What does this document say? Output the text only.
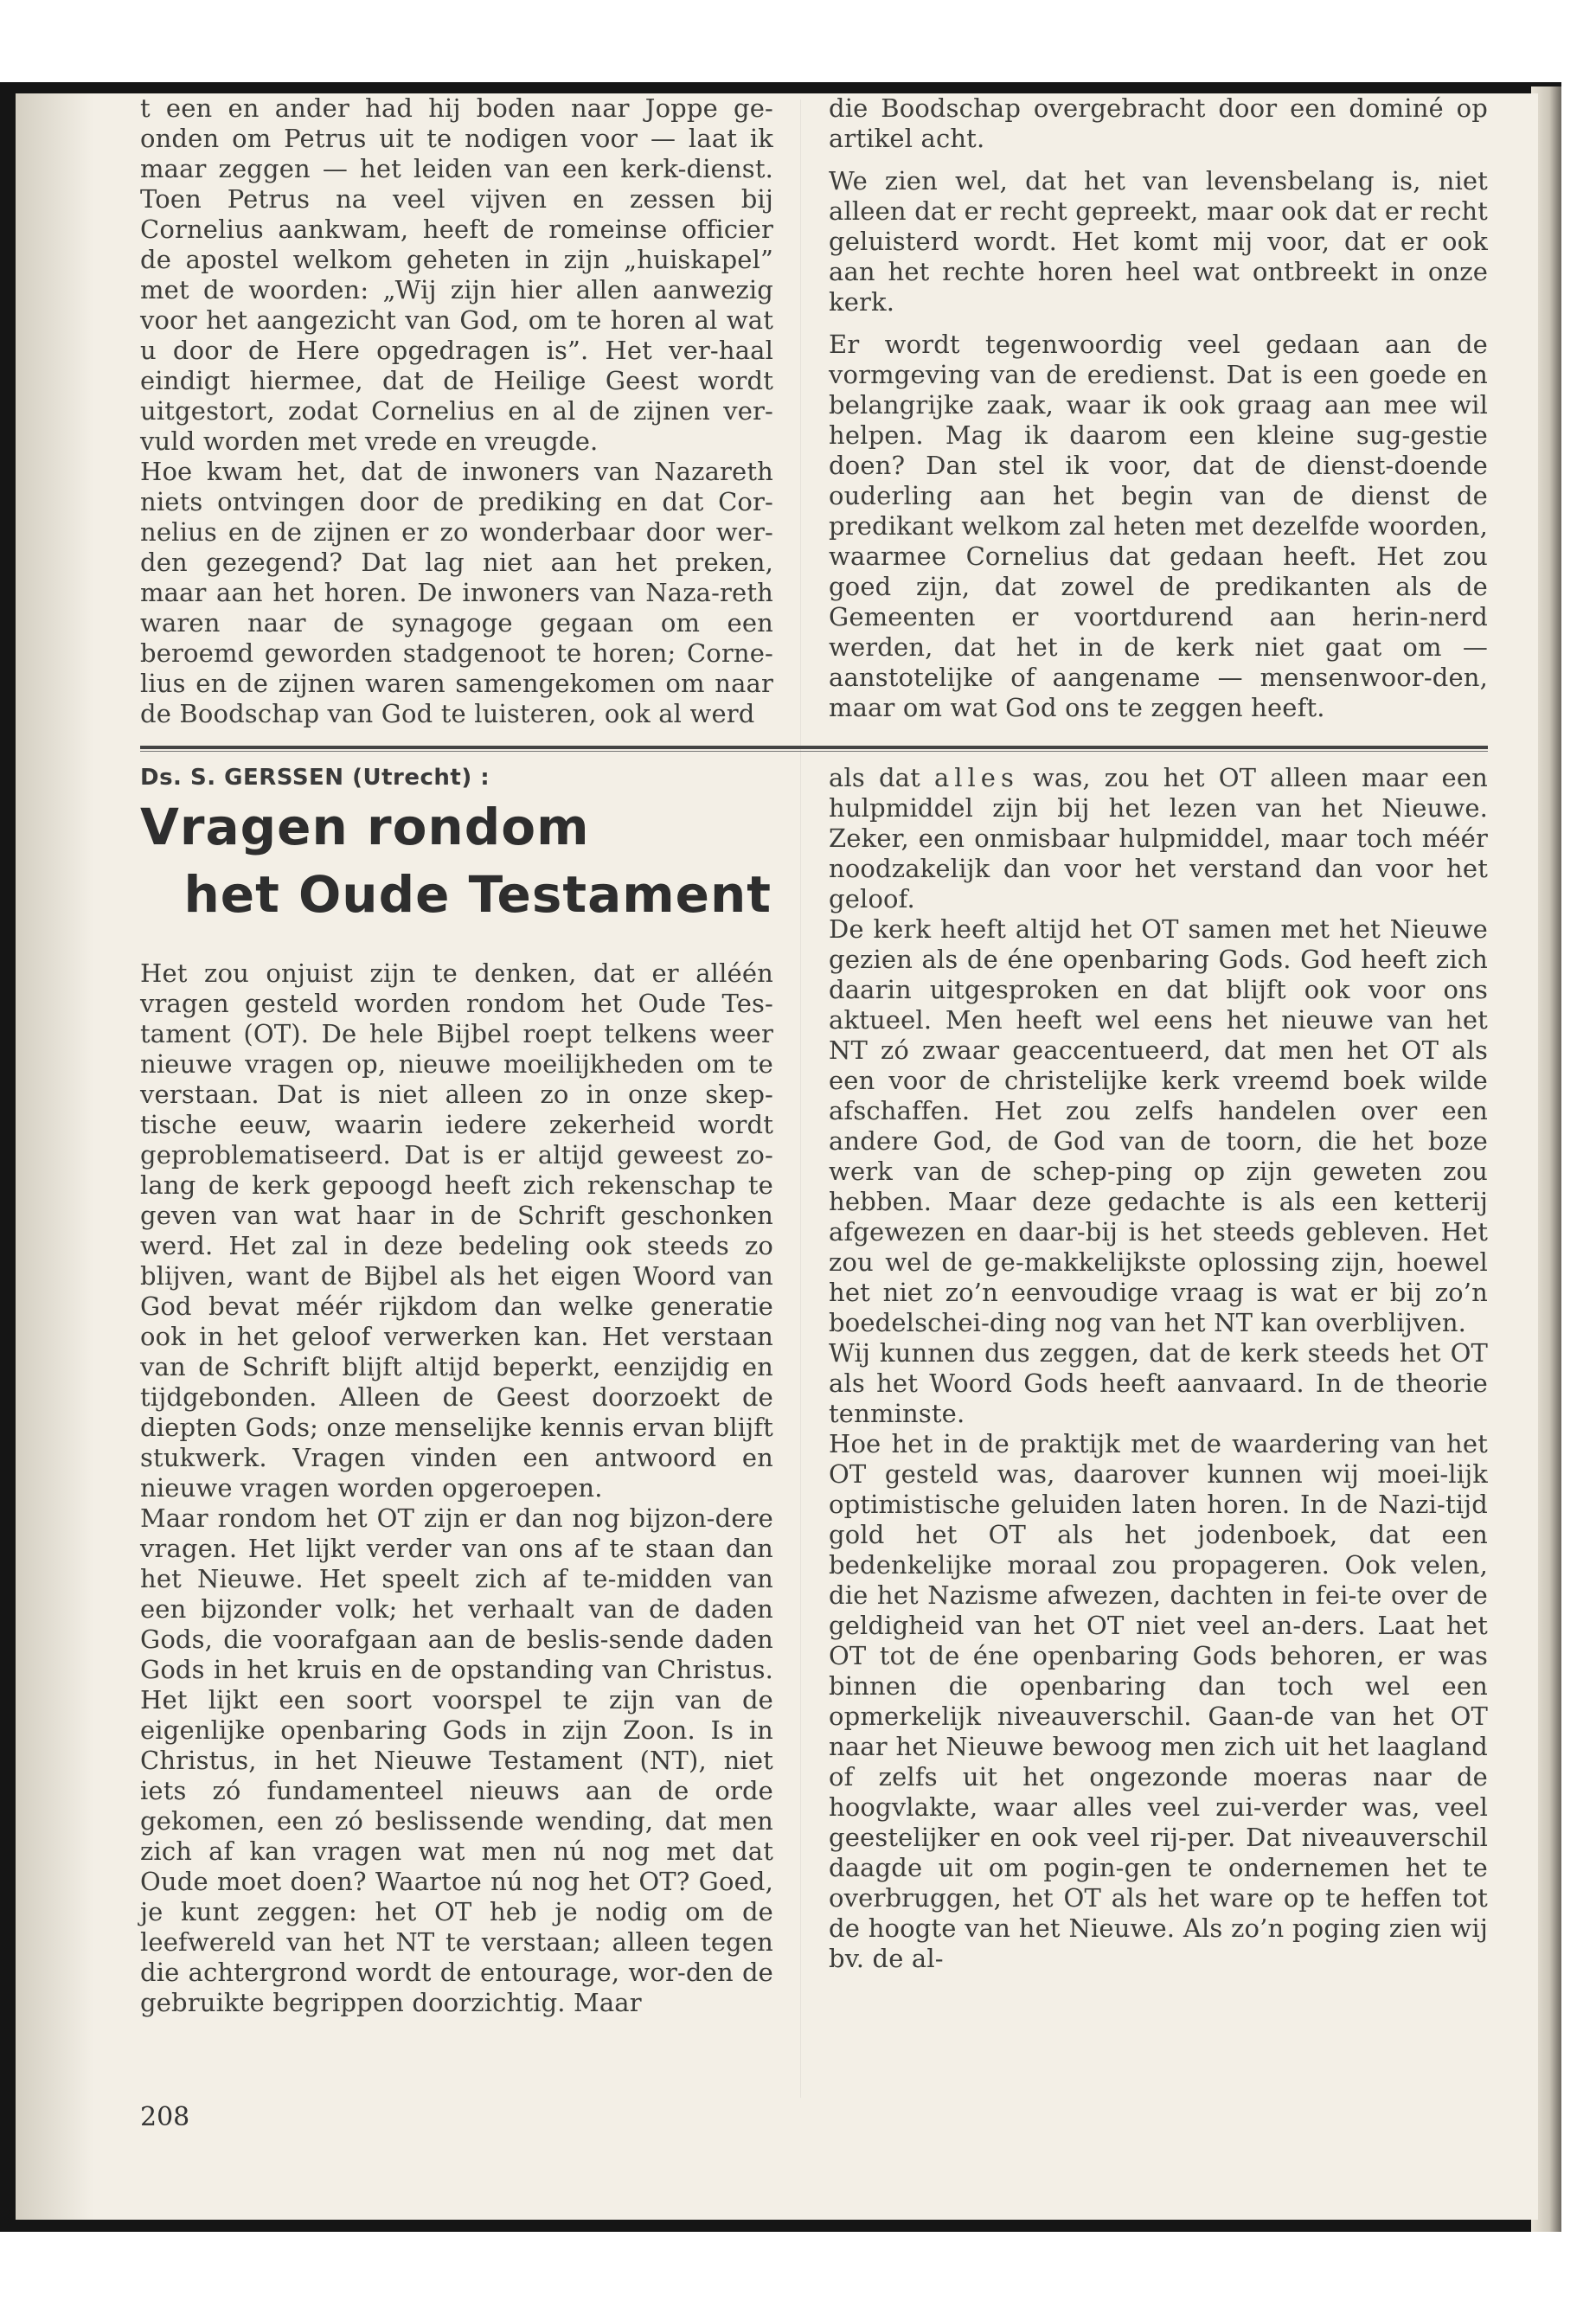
t een en ander had hij boden naar Joppe ge-onden om Petrus uit te nodigen voor — laat ik maar zeggen — het leiden van een kerk-dienst. Toen Petrus na veel vijven en zessen bij Cornelius aankwam, heeft de romeinse officier de apostel welkom geheten in zijn „huiskapel” met de woorden: „Wij zijn hier allen aanwezig voor het aangezicht van God, om te horen al wat u door de Here opgedragen is”. Het ver-haal eindigt hiermee, dat de Heilige Geest wordt uitgestort, zodat Cornelius en al de zijnen ver-vuld worden met vrede en vreugde.

Hoe kwam het, dat de inwoners van Nazareth niets ontvingen door de prediking en dat Cor-nelius en de zijnen er zo wonderbaar door wer-den gezegend? Dat lag niet aan het preken, maar aan het horen. De inwoners van Naza-reth waren naar de synagoge gegaan om een beroemd geworden stadgenoot te horen; Corne-lius en de zijnen waren samengekomen om naar de Boodschap van God te luisteren, ook al werd

die Boodschap overgebracht door een dominé op artikel acht.

We zien wel, dat het van levensbelang is, niet alleen dat er recht gepreekt, maar ook dat er recht geluisterd wordt. Het komt mij voor, dat er ook aan het rechte horen heel wat ontbreekt in onze kerk.

Er wordt tegenwoordig veel gedaan aan de vormgeving van de eredienst. Dat is een goede en belangrijke zaak, waar ik ook graag aan mee wil helpen. Mag ik daarom een kleine sug-gestie doen? Dan stel ik voor, dat de dienst-doende ouderling aan het begin van de dienst de predikant welkom zal heten met dezelfde woorden, waarmee Cornelius dat gedaan heeft. Het zou goed zijn, dat zowel de predikanten als de Gemeenten er voortdurend aan herin-nerd werden, dat het in de kerk niet gaat om — aanstotelijke of aangename — mensenwoor-den, maar om wat God ons te zeggen heeft.

Ds. S. GERSSEN (Utrecht) :
Vragen rondom
het Oude Testament

Het zou onjuist zijn te denken, dat er alléén vragen gesteld worden rondom het Oude Tes-tament (OT). De hele Bijbel roept telkens weer nieuwe vragen op, nieuwe moeilijkheden om te verstaan. Dat is niet alleen zo in onze skep-tische eeuw, waarin iedere zekerheid wordt geproblematiseerd. Dat is er altijd geweest zo-lang de kerk gepoogd heeft zich rekenschap te geven van wat haar in de Schrift geschonken werd. Het zal in deze bedeling ook steeds zo blijven, want de Bijbel als het eigen Woord van God bevat méér rijkdom dan welke generatie ook in het geloof verwerken kan. Het verstaan van de Schrift blijft altijd beperkt, eenzijdig en tijdgebonden. Alleen de Geest doorzoekt de diepten Gods; onze menselijke kennis ervan blijft stukwerk. Vragen vinden een antwoord en nieuwe vragen worden opgeroepen.

Maar rondom het OT zijn er dan nog bijzon-dere vragen. Het lijkt verder van ons af te staan dan het Nieuwe. Het speelt zich af te-midden van een bijzonder volk; het verhaalt van de daden Gods, die voorafgaan aan de beslis-sende daden Gods in het kruis en de opstanding van Christus. Het lijkt een soort voorspel te zijn van de eigenlijke openbaring Gods in zijn Zoon. Is in Christus, in het Nieuwe Testament (NT), niet iets zó fundamenteel nieuws aan de orde gekomen, een zó beslissende wending, dat men zich af kan vragen wat men nú nog met dat Oude moet doen? Waartoe nú nog het OT? Goed, je kunt zeggen: het OT heb je nodig om de leefwereld van het NT te verstaan; alleen tegen die achtergrond wordt de entourage, wor-den de gebruikte begrippen doorzichtig. Maar

als dat alles was, zou het OT alleen maar een hulpmiddel zijn bij het lezen van het Nieuwe. Zeker, een onmisbaar hulpmiddel, maar toch méér noodzakelijk dan voor het verstand dan voor het geloof.

De kerk heeft altijd het OT samen met het Nieuwe gezien als de éne openbaring Gods. God heeft zich daarin uitgesproken en dat blijft ook voor ons aktueel. Men heeft wel eens het nieuwe van het NT zó zwaar geaccentueerd, dat men het OT als een voor de christelijke kerk vreemd boek wilde afschaffen. Het zou zelfs handelen over een andere God, de God van de toorn, die het boze werk van de schep-ping op zijn geweten zou hebben. Maar deze gedachte is als een ketterij afgewezen en daar-bij is het steeds gebleven. Het zou wel de ge-makkelijkste oplossing zijn, hoewel het niet zo’n eenvoudige vraag is wat er bij zo’n boedelschei-ding nog van het NT kan overblijven.

Wij kunnen dus zeggen, dat de kerk steeds het OT als het Woord Gods heeft aanvaard. In de theorie tenminste.

Hoe het in de praktijk met de waardering van het OT gesteld was, daarover kunnen wij moei-lijk optimistische geluiden laten horen. In de Nazi-tijd gold het OT als het jodenboek, dat een bedenkelijke moraal zou propageren. Ook velen, die het Nazisme afwezen, dachten in fei-te over de geldigheid van het OT niet veel an-ders. Laat het OT tot de éne openbaring Gods behoren, er was binnen die openbaring dan toch wel een opmerkelijk niveauverschil. Gaan-de van het OT naar het Nieuwe bewoog men zich uit het laagland of zelfs uit het ongezonde moeras naar de hoogvlakte, waar alles veel zui-verder was, veel geestelijker en ook veel rij-per. Dat niveauverschil daagde uit om pogin-gen te ondernemen het te overbruggen, het OT als het ware op te heffen tot de hoogte van het Nieuwe. Als zo’n poging zien wij bv. de al-

208
